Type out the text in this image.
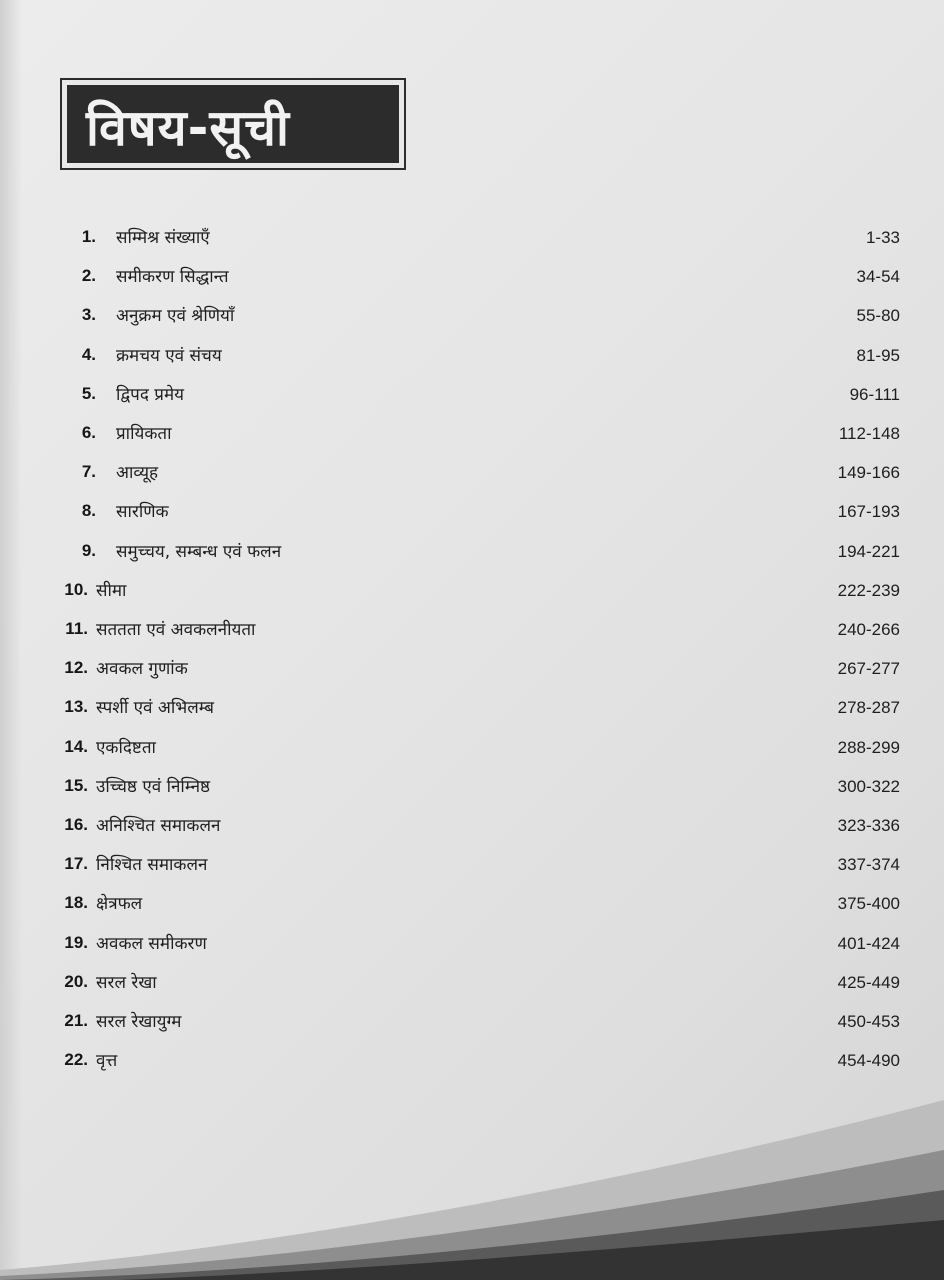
विषय-सूची
1. सम्मिश्र संख्याएँ	1-33
2. समीकरण सिद्धान्त	34-54
3. अनुक्रम एवं श्रेणियाँ	55-80
4. क्रमचय एवं संचय	81-95
5. द्विपद प्रमेय	96-111
6. प्रायिकता	112-148
7. आव्यूह	149-166
8. सारणिक	167-193
9. समुच्चय, सम्बन्ध एवं फलन	194-221
10. सीमा	222-239
11. सततता एवं अवकलनीयता	240-266
12. अवकल गुणांक	267-277
13. स्पर्शी एवं अभिलम्ब	278-287
14. एकदिष्टता	288-299
15. उच्चिष्ठ एवं निम्निष्ठ	300-322
16. अनिश्चित समाकलन	323-336
17. निश्चित समाकलन	337-374
18. क्षेत्रफल	375-400
19. अवकल समीकरण	401-424
20. सरल रेखा	425-449
21. सरल रेखायुग्म	450-453
22. वृत्त	454-490
